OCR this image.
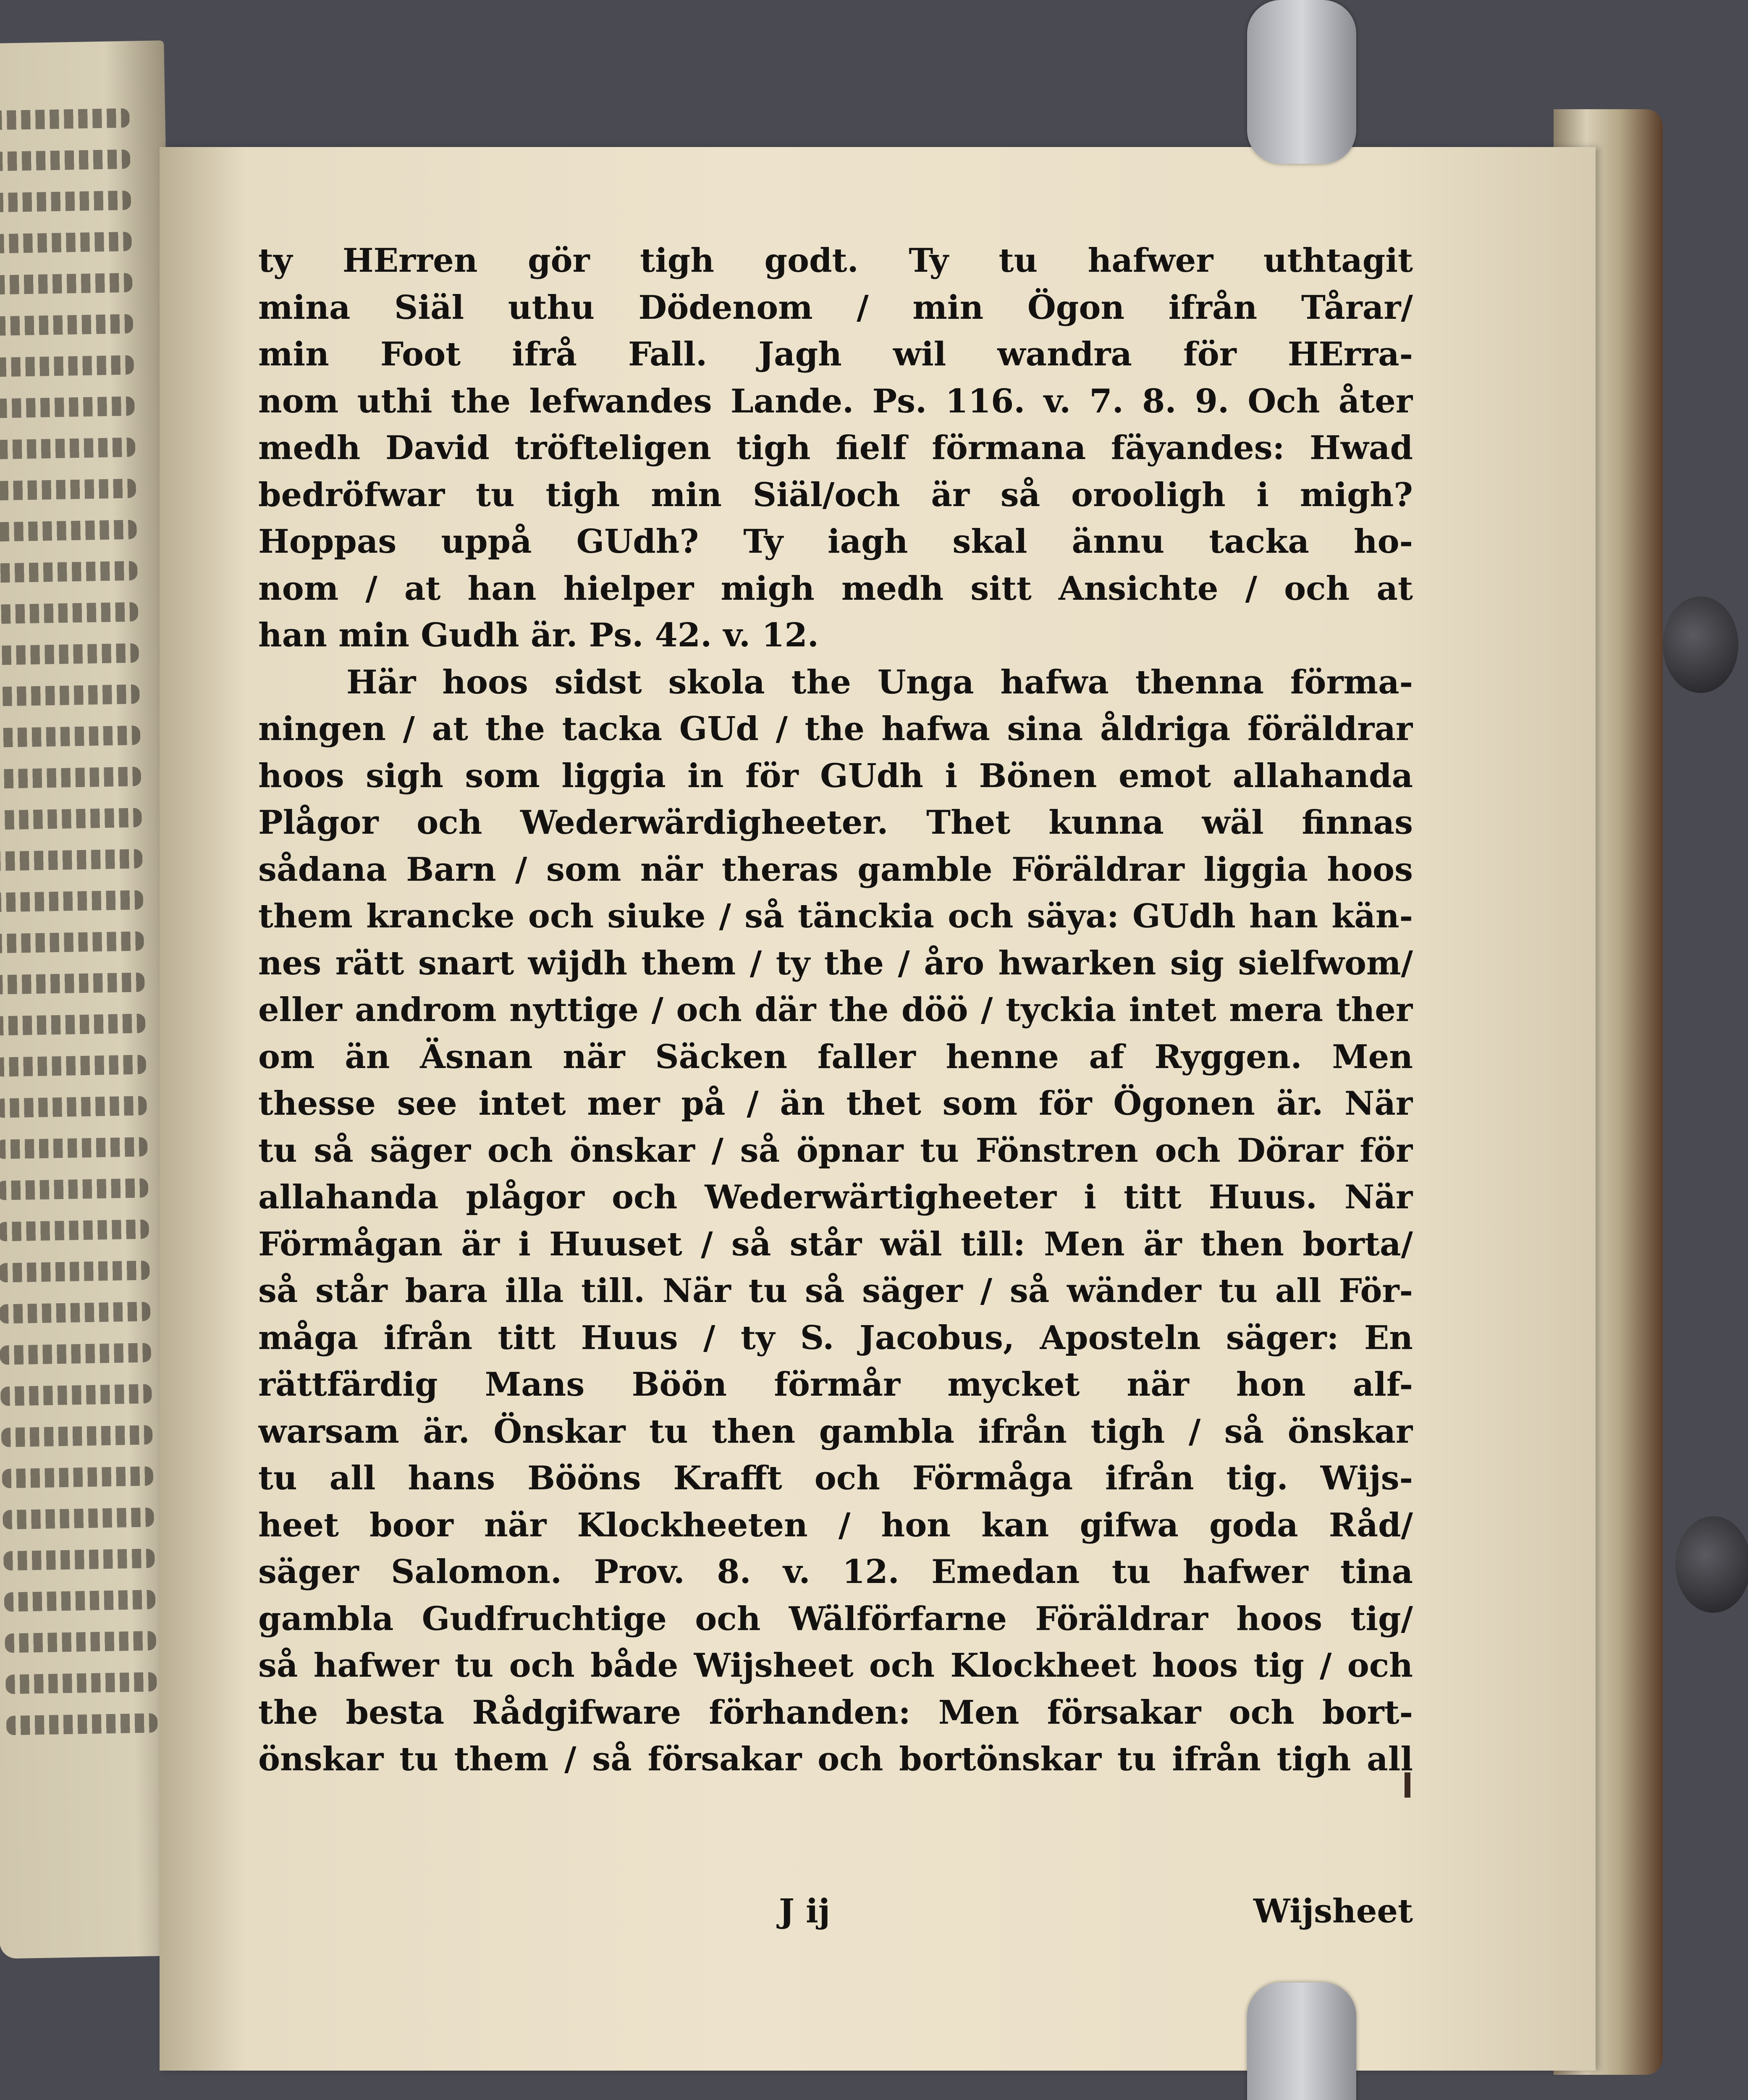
ty HErren gör tigh godt. Ty tu hafwer uthtagit
mina Siäl uthu Dödenom / min Ögon ifrån Tårar/
min Foot ifrå Fall. Jagh wil wandra för HErra-
nom uthi the lefwandes Lande. Ps. 116. v. 7. 8. 9. Och åter
medh David tröfteligen tigh fielf förmana fäyandes: Hwad
bedröfwar tu tigh min Siäl/och är så orooligh i migh?
Hoppas uppå GUdh? Ty iagh skal ännu tacka ho-
nom / at han hielper migh medh sitt Ansichte / och at
han min Gudh är. Ps. 42. v. 12.
Här hoos sidst skola the Unga hafwa thenna förma-
ningen / at the tacka GUd / the hafwa sina åldriga föräldrar
hoos sigh som liggia in för GUdh i Bönen emot allahanda
Plågor och Wederwärdigheeter. Thet kunna wäl finnas
sådana Barn / som när theras gamble Föräldrar liggia hoos
them krancke och siuke / så tänckia och säya: GUdh han kän-
nes rätt snart wijdh them / ty the / åro hwarken sig sielfwom/
eller androm nyttige / och där the döö / tyckia intet mera ther
om än Äsnan när Säcken faller henne af Ryggen. Men
thesse see intet mer på / än thet som för Ögonen är. När
tu så säger och önskar / så öpnar tu Fönstren och Dörar för
allahanda plågor och Wederwärtigheeter i titt Huus. När
Förmågan är i Huuset / så står wäl till: Men är then borta/
så står bara illa till. När tu så säger / så wänder tu all För-
måga ifrån titt Huus / ty S. Jacobus, Aposteln säger: En
rättfärdig Mans Böön förmår mycket när hon alf-
warsam är. Önskar tu then gambla ifrån tigh / så önskar
tu all hans Bööns Krafft och Förmåga ifrån tig. Wijs-
heet boor när Klockheeten / hon kan gifwa goda Råd/
säger Salomon. Prov. 8. v. 12. Emedan tu hafwer tina
gambla Gudfruchtige och Wälförfarne Föräldrar hoos tig/
så hafwer tu och både Wijsheet och Klockheet hoos tig / och
the besta Rådgifware förhanden: Men försakar och bort-
önskar tu them / så försakar och bortönskar tu ifrån tigh all
J ij	Wijsheet
